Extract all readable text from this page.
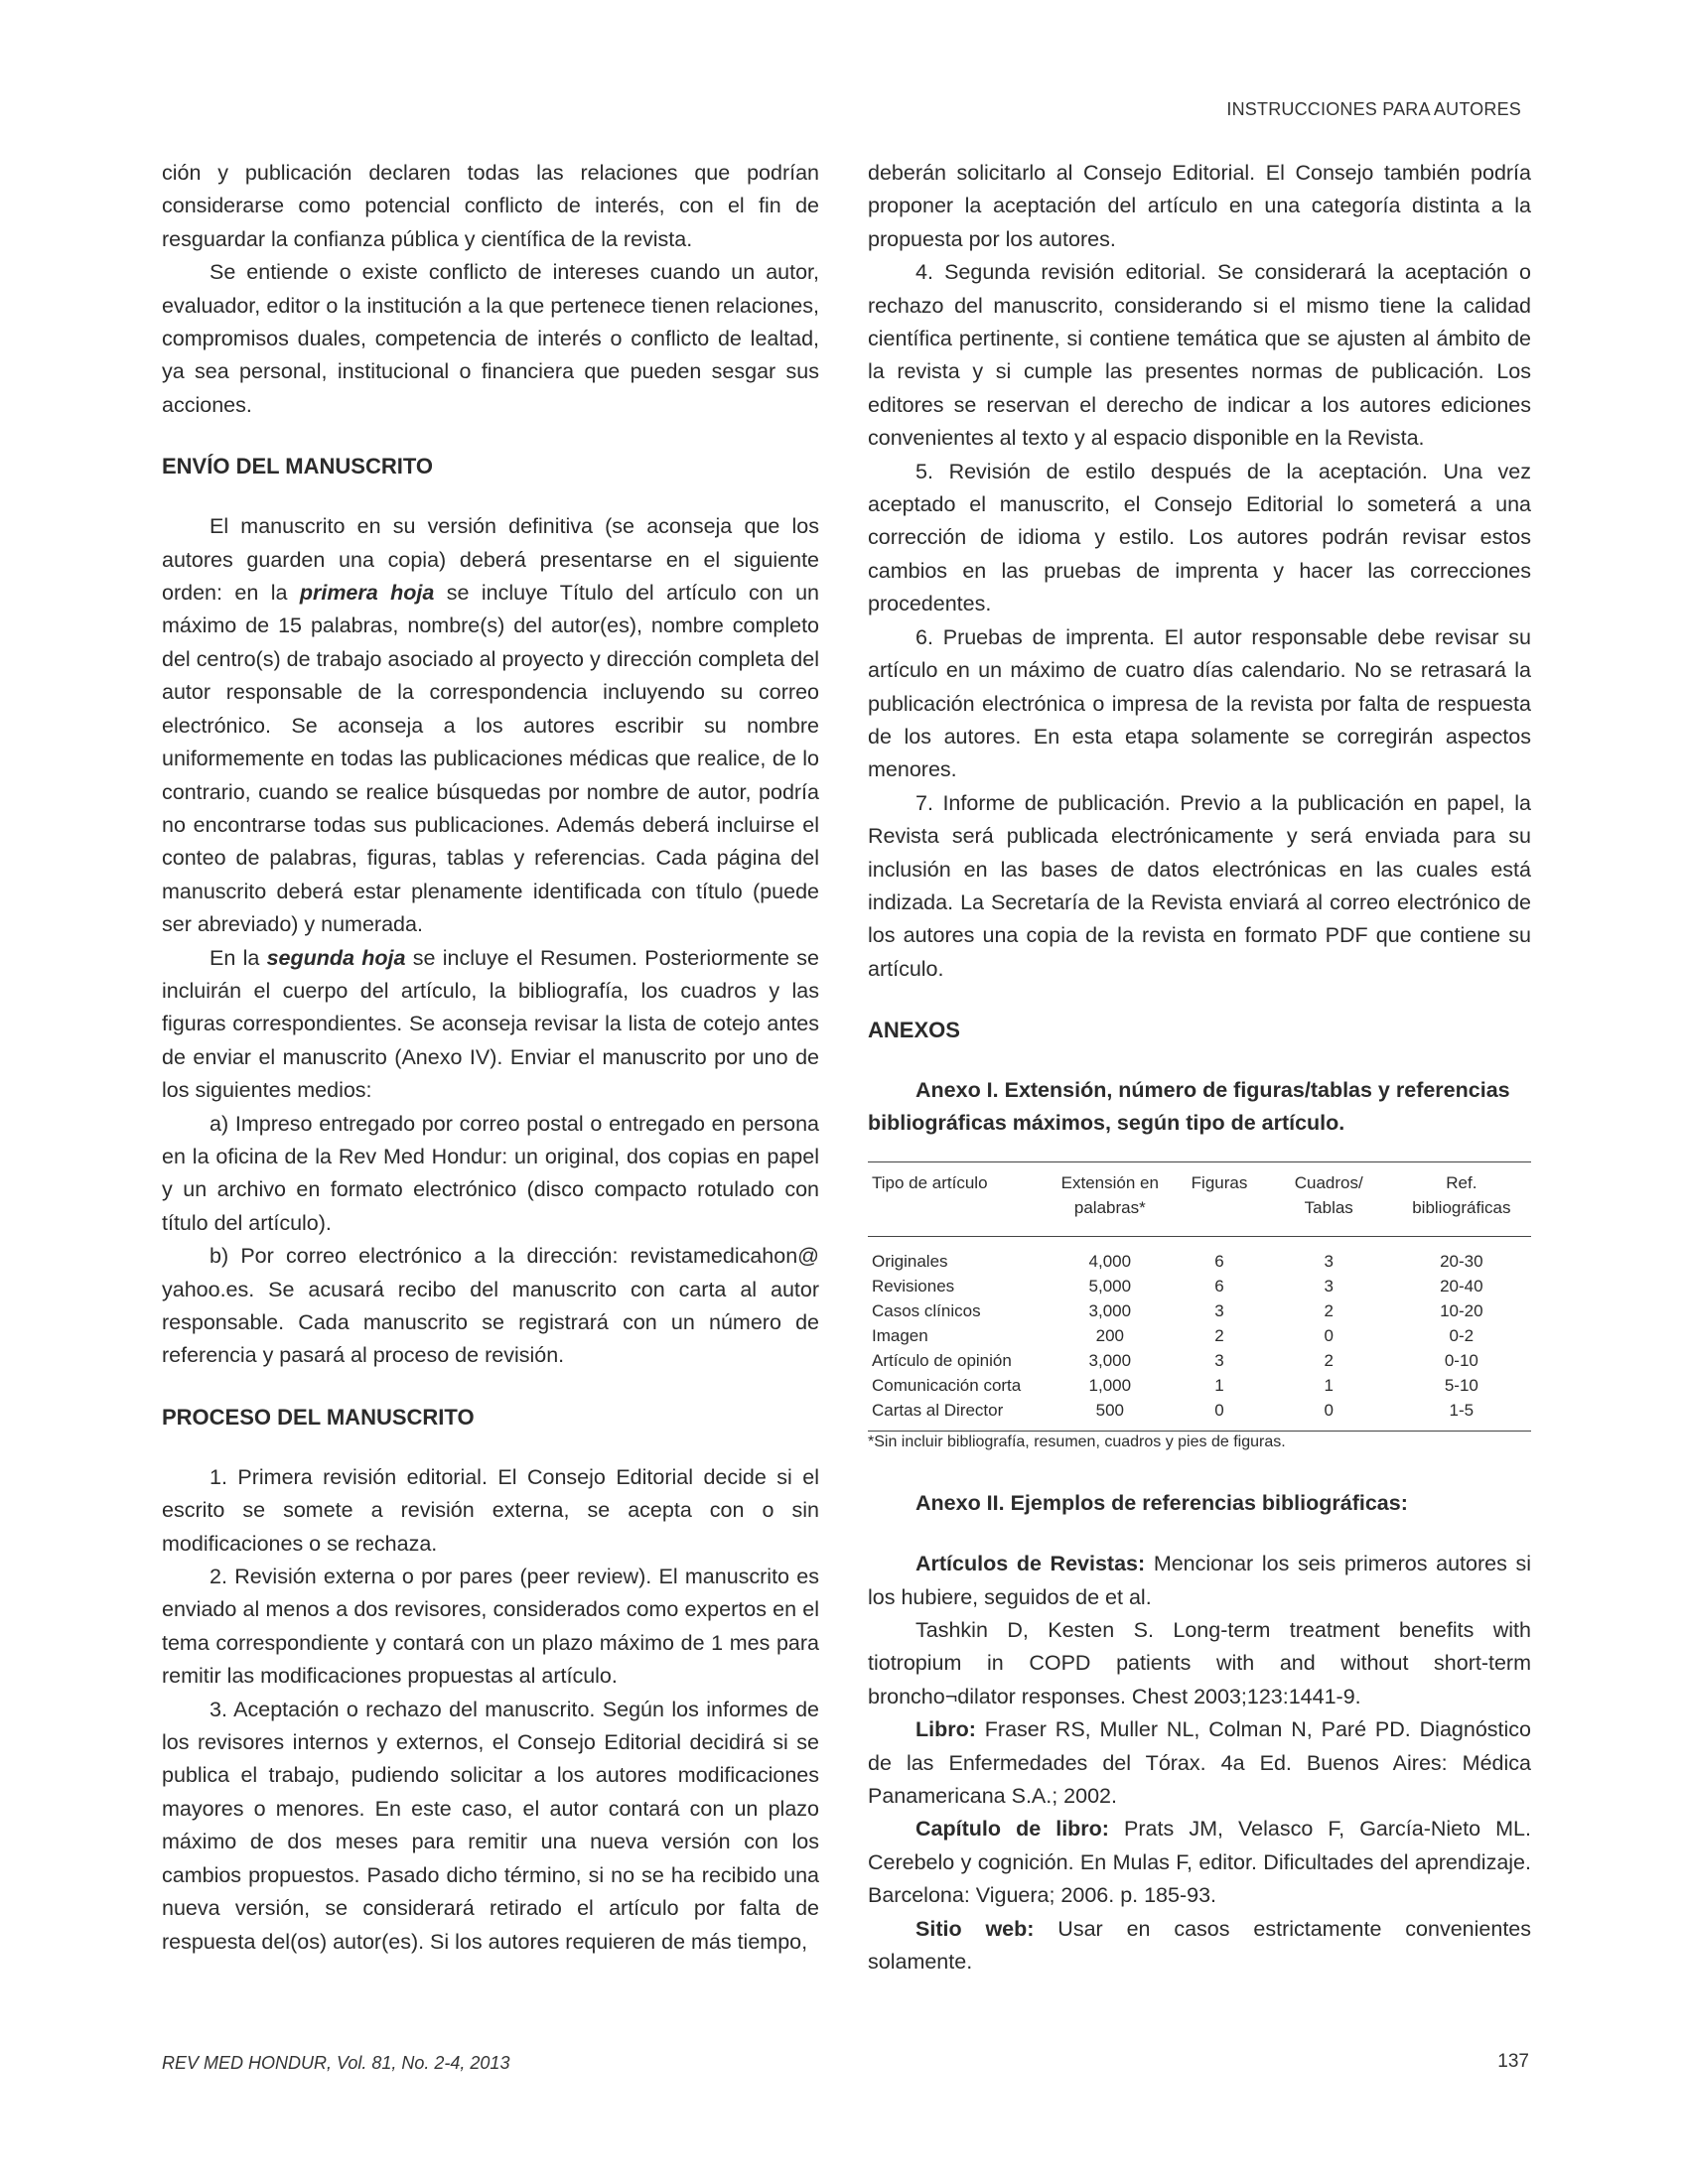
INSTRUCCIONES PARA AUTORES

ción y publicación declaren todas las relaciones que podrían considerarse como potencial conflicto de interés, con el fin de resguardar la confianza pública y científica de la revista.

Se entiende o existe conflicto de intereses cuando un autor, evaluador, editor o la institución a la que pertenece tienen relaciones, compromisos duales, competencia de interés o conflicto de lealtad, ya sea personal, institucional o financiera que pueden sesgar sus acciones.

ENVÍO DEL MANUSCRITO

El manuscrito en su versión definitiva (se aconseja que los autores guarden una copia) deberá presentarse en el siguiente orden: en la primera hoja se incluye Título del artículo con un máximo de 15 palabras, nombre(s) del autor(es), nombre completo del centro(s) de trabajo asociado al proyecto y dirección completa del autor responsable de la correspondencia incluyendo su correo electrónico. Se aconseja a los autores escribir su nombre uniformemente en todas las publicaciones médicas que realice, de lo contrario, cuando se realice búsquedas por nombre de autor, podría no encontrarse todas sus publicaciones. Además deberá incluirse el conteo de palabras, figuras, tablas y referencias. Cada página del manuscrito deberá estar plenamente identificada con título (puede ser abreviado) y numerada.

En la segunda hoja se incluye el Resumen. Posteriormente se incluirán el cuerpo del artículo, la bibliografía, los cuadros y las figuras correspondientes. Se aconseja revisar la lista de cotejo antes de enviar el manuscrito (Anexo IV). Enviar el manuscrito por uno de los siguientes medios:

a) Impreso entregado por correo postal o entregado en persona en la oficina de la Rev Med Hondur: un original, dos copias en papel y un archivo en formato electrónico (disco compacto rotulado con título del artículo).

b) Por correo electrónico a la dirección: revistamedicahon@ yahoo.es. Se acusará recibo del manuscrito con carta al autor responsable. Cada manuscrito se registrará con un número de referencia y pasará al proceso de revisión.

PROCESO DEL MANUSCRITO

1. Primera revisión editorial. El Consejo Editorial decide si el escrito se somete a revisión externa, se acepta con o sin modificaciones o se rechaza.

2. Revisión externa o por pares (peer review). El manuscrito es enviado al menos a dos revisores, considerados como expertos en el tema correspondiente y contará con un plazo máximo de 1 mes para remitir las modificaciones propuestas al artículo.

3. Aceptación o rechazo del manuscrito. Según los informes de los revisores internos y externos, el Consejo Editorial decidirá si se publica el trabajo, pudiendo solicitar a los autores modificaciones mayores o menores. En este caso, el autor contará con un plazo máximo de dos meses para remitir una nueva versión con los cambios propuestos. Pasado dicho término, si no se ha recibido una nueva versión, se considerará retirado el artículo por falta de respuesta del(os) autor(es). Si los autores requieren de más tiempo,

deberán solicitarlo al Consejo Editorial. El Consejo también podría proponer la aceptación del artículo en una categoría distinta a la propuesta por los autores.

4. Segunda revisión editorial. Se considerará la aceptación o rechazo del manuscrito, considerando si el mismo tiene la calidad científica pertinente, si contiene temática que se ajusten al ámbito de la revista y si cumple las presentes normas de publicación. Los editores se reservan el derecho de indicar a los autores ediciones convenientes al texto y al espacio disponible en la Revista.

5. Revisión de estilo después de la aceptación. Una vez aceptado el manuscrito, el Consejo Editorial lo someterá a una corrección de idioma y estilo. Los autores podrán revisar estos cambios en las pruebas de imprenta y hacer las correcciones procedentes.

6. Pruebas de imprenta. El autor responsable debe revisar su artículo en un máximo de cuatro días calendario. No se retrasará la publicación electrónica o impresa de la revista por falta de respuesta de los autores. En esta etapa solamente se corregirán aspectos menores.

7. Informe de publicación. Previo a la publicación en papel, la Revista será publicada electrónicamente y será enviada para su inclusión en las bases de datos electrónicas en las cuales está indizada. La Secretaría de la Revista enviará al correo electrónico de los autores una copia de la revista en formato PDF que contiene su artículo.

ANEXOS

Anexo I. Extensión, número de figuras/tablas y referencias bibliográficas máximos, según tipo de artículo.

Tipo de artículo	Extensión en palabras*	Figuras	Cuadros/ Tablas	Ref. bibliográficas
Originales	4,000	6	3	20-30
Revisiones	5,000	6	3	20-40
Casos clínicos	3,000	3	2	10-20
Imagen	200	2	0	0-2
Artículo de opinión	3,000	3	2	0-10
Comunicación corta	1,000	1	1	5-10
Cartas al Director	500	0	0	1-5

*Sin incluir bibliografía, resumen, cuadros y pies de figuras.

Anexo II. Ejemplos de referencias bibliográficas:

Artículos de Revistas: Mencionar los seis primeros autores si los hubiere, seguidos de et al.

Tashkin D, Kesten S. Long-term treatment benefits with tiotropium in COPD patients with and without short-term broncho¬dilator responses. Chest 2003;123:1441-9.

Libro: Fraser RS, Muller NL, Colman N, Paré PD. Diagnóstico de las Enfermedades del Tórax. 4a Ed. Buenos Aires: Médica Panamericana S.A.; 2002.

Capítulo de libro: Prats JM, Velasco F, García-Nieto ML. Cerebelo y cognición. En Mulas F, editor. Dificultades del aprendizaje. Barcelona: Viguera; 2006. p. 185-93.

Sitio web: Usar en casos estrictamente convenientes solamente.

REV MED HONDUR, Vol. 81, No. 2-4, 2013	137
